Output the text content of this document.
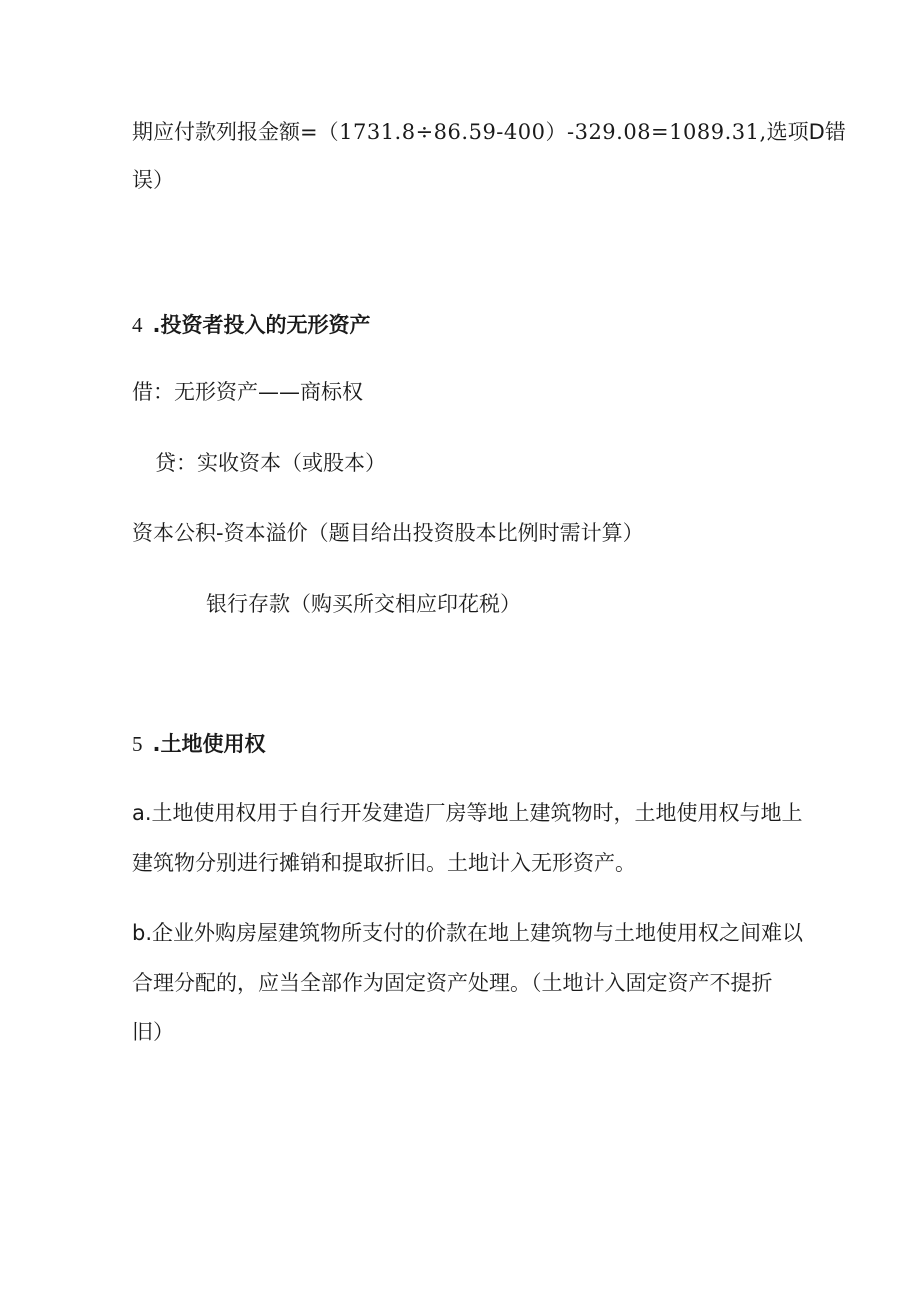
期应付款列报金额=（1731.8÷86.59-400）-329.08=1089.31,选项D错
误）
4 .投资者投入的无形资产
借：无形资产——商标权
贷：实收资本（或股本）
资本公积-资本溢价（题目给出投资股本比例时需计算）
银行存款（购买所交相应印花税）
5 .土地使用权
a.土地使用权用于自行开发建造厂房等地上建筑物时，土地使用权与地上
建筑物分别进行摊销和提取折旧。土地计入无形资产。
b.企业外购房屋建筑物所支付的价款在地上建筑物与土地使用权之间难以
合理分配的，应当全部作为固定资产处理。（土地计入固定资产不提折
旧）
